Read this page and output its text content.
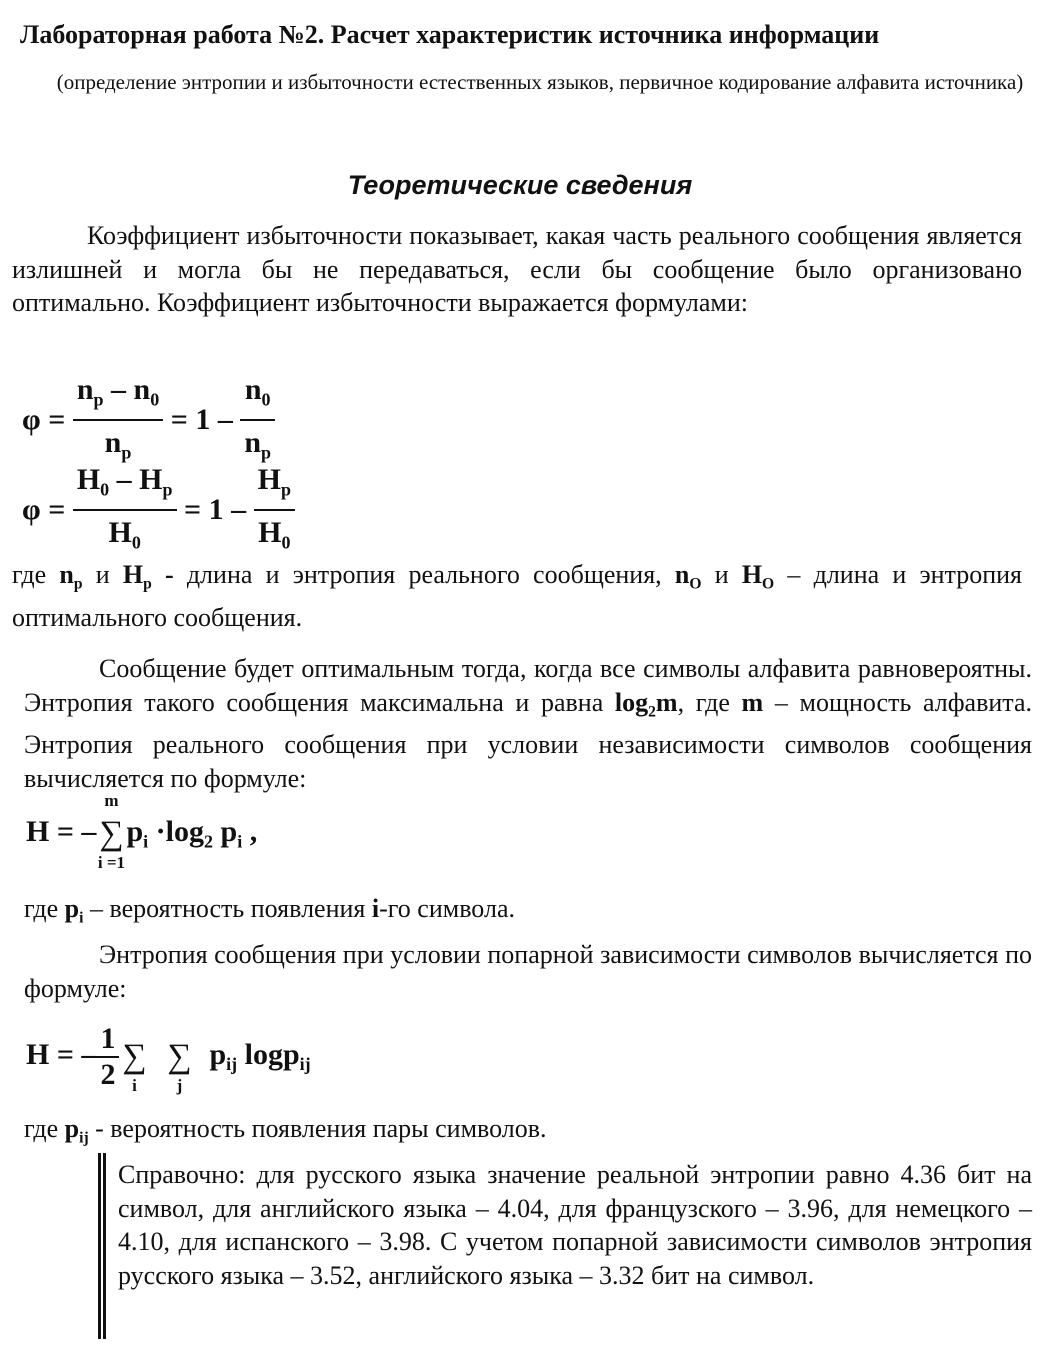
Лабораторная работа №2. Расчет характеристик источника информации
(определение энтропии и избыточности естественных языков, первичное кодирование алфавита источника)
Теоретические сведения
Коэффициент избыточности показывает, какая часть реального сообщения является излишней и могла бы не передаваться, если бы сообщение было организовано оптимально. Коэффициент избыточности выражается формулами:
$\varphi = \frac{n_p - n_0}{n_p} = 1 - \frac{n_0}{n_p}$
$\varphi = \frac{H_0 - H_p}{H_0} = 1 - \frac{H_p}{H_0}$
где $n_p$ и $H_p$ - длина и энтропия реального сообщения, $n_O$ и $H_O$ – длина и энтропия оптимального сообщения.
Сообщение будет оптимальным тогда, когда все символы алфавита равновероятны. Энтропия такого сообщения максимальна и равна $\log_2m$, где m – мощность алфавита. Энтропия реального сообщения при условии независимости символов сообщения вычисляется по формуле:
H = –
m
∑
i =1
$p_i \cdot\log_2$ $p_i$ ,
где $p_i$ – вероятность появления i-го символа.
Энтропия сообщения при условии попарной зависимости символов вычисляется по формуле:
H = – $\frac{1}{2}$ ∑
i
∑
j
$p_{ij}$ logp$_{ij}$
где $p_{ij}$ - вероятность появления пары символов.
Справочно: для русского языка значение реальной энтропии равно 4.36 бит на символ, для английского языка – 4.04, для французского – 3.96, для немецкого – 4.10, для испанского – 3.98. С учетом попарной зависимости символов энтропия русского языка – 3.52, английского языка – 3.32 бит на символ.
